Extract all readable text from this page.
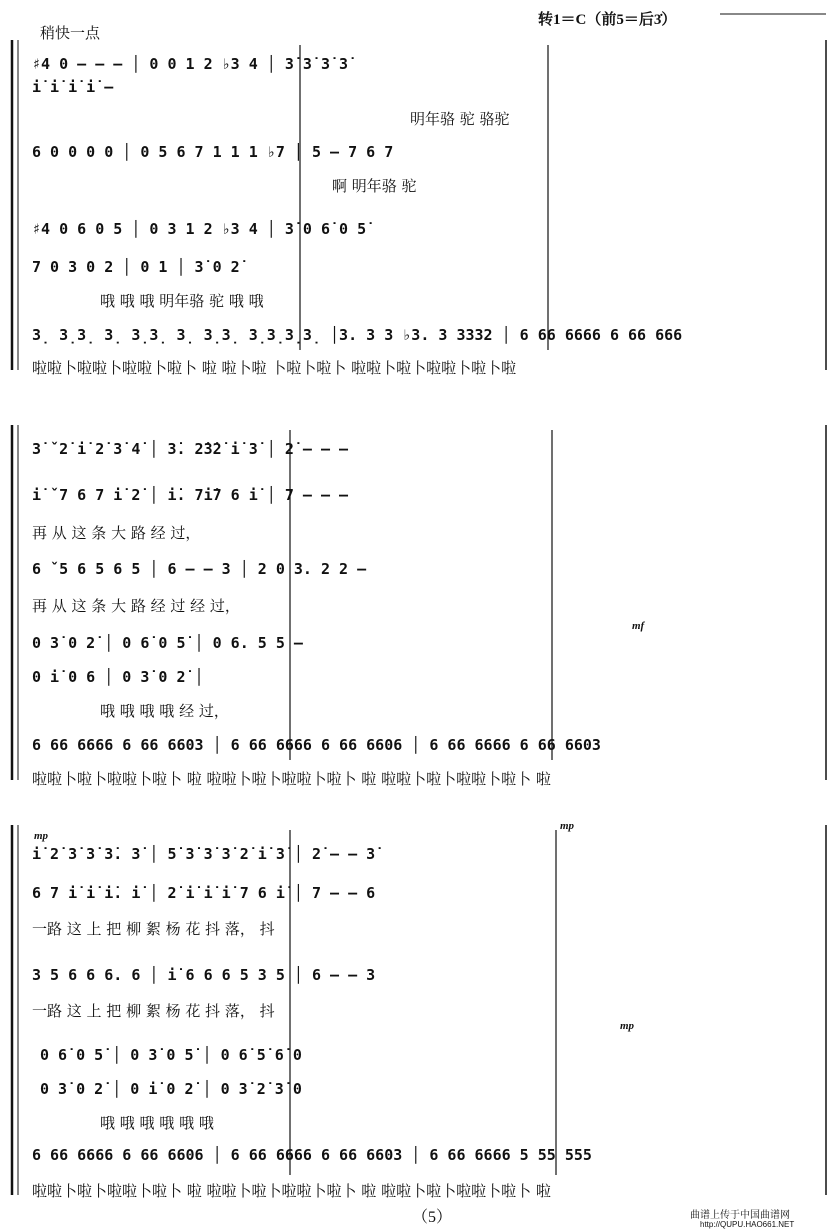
稍快一点
转1＝C（前5＝后3̇）
♯4 0 – – – │ 0 0 1 2 ♭3 4 │ 3̇ 3̇ 3̇ 3̇
i̇ i̇ i̇ i̇ –
明年骆 驼 骆驼
6 0 0 0 0 │ 0 5 6 7 1 1 1 ♭7 │ 5 – 7 6 7
啊 明年骆 驼
♯4 0 6 0 5 │ 0 3 1 2 ♭3 4 │ 3̇ 0 6̇ 0 5̇
7 0 3 0 2 │ 0 1 │ 3̇ 0 2̇
哦 哦 哦 明年骆 驼 哦 哦
3̣ 3̣3̣ 3̣ 3̣3̣ 3̣ 3̣3̣ 3̣3̣3̣3̣ │3. 3 3 ♭3. 3 3332 │ 6 66 6666 6 66 666
啦啦卜啦啦卜啦啦卜啦卜 啦 啦卜啦 卜啦卜啦卜 啦啦卜啦卜啦啦卜啦卜啦
3̇ ˇ2̇ i̇ 2̇ 3̇ 4̇ │ 3̇. 2̇3̇2̇ i̇ 3̇ │ 2̇ – – –
i̇ ˇ7 6 7 i̇ 2̇ │ i̇. 7i̇7 6 i̇ │ 7 – – –
再 从 这 条 大 路 经 过，
6 ˇ5 6 5 6 5 │ 6 – – 3 │ 2 0 3. 2 2 –
再 从 这 条 大 路 经 过 经 过，
0 3̇ 0 2̇ │ 0 6̇ 0 5̇ │ 0 6. 5 5 –
0 i̇ 0 6 │ 0 3̇ 0 2̇ │
哦 哦 哦 哦 经 过，
6 66 6666 6 66 6603 │ 6 66 6666 6 66 6606 │ 6 66 6666 6 66 6603
啦啦卜啦卜啦啦卜啦卜 啦 啦啦卜啦卜啦啦卜啦卜 啦 啦啦卜啦卜啦啦卜啦卜 啦
i̇ 2̇ 3̇ 3̇ 3̇. 3̇ │ 5̇ 3̇ 3̇ 3̇ 2̇ i̇ 3̇ │ 2̇ – – 3̇
6 7 i̇ i̇ i̇. i̇ │ 2̇ i̇ i̇ i̇ 7 6 i̇ │ 7 – – 6
一路 这 上 把 柳 絮 杨 花 抖 落， 抖
3 5 6 6 6. 6 │ i̇ 6 6 6 5 3 5 │ 6 – – 3
一路 这 上 把 柳 絮 杨 花 抖 落， 抖
0 6̇ 0 5̇ │ 0 3̇ 0 5̇ │ 0 6̇ 5̇ 6̇ 0
0 3̇ 0 2̇ │ 0 i̇ 0 2̇ │ 0 3̇ 2̇ 3̇ 0
哦 哦 哦 哦 哦 哦
6 66 6666 6 66 6606 │ 6 66 6666 6 66 6603 │ 6 66 6666 5 55 555
啦啦卜啦卜啦啦卜啦卜 啦 啦啦卜啦卜啦啦卜啦卜 啦 啦啦卜啦卜啦啦卜啦卜 啦
mf
mp
mp
mp
（5）	曲谱上传于中国曲谱网
http://QUPU.HAO661.NET
